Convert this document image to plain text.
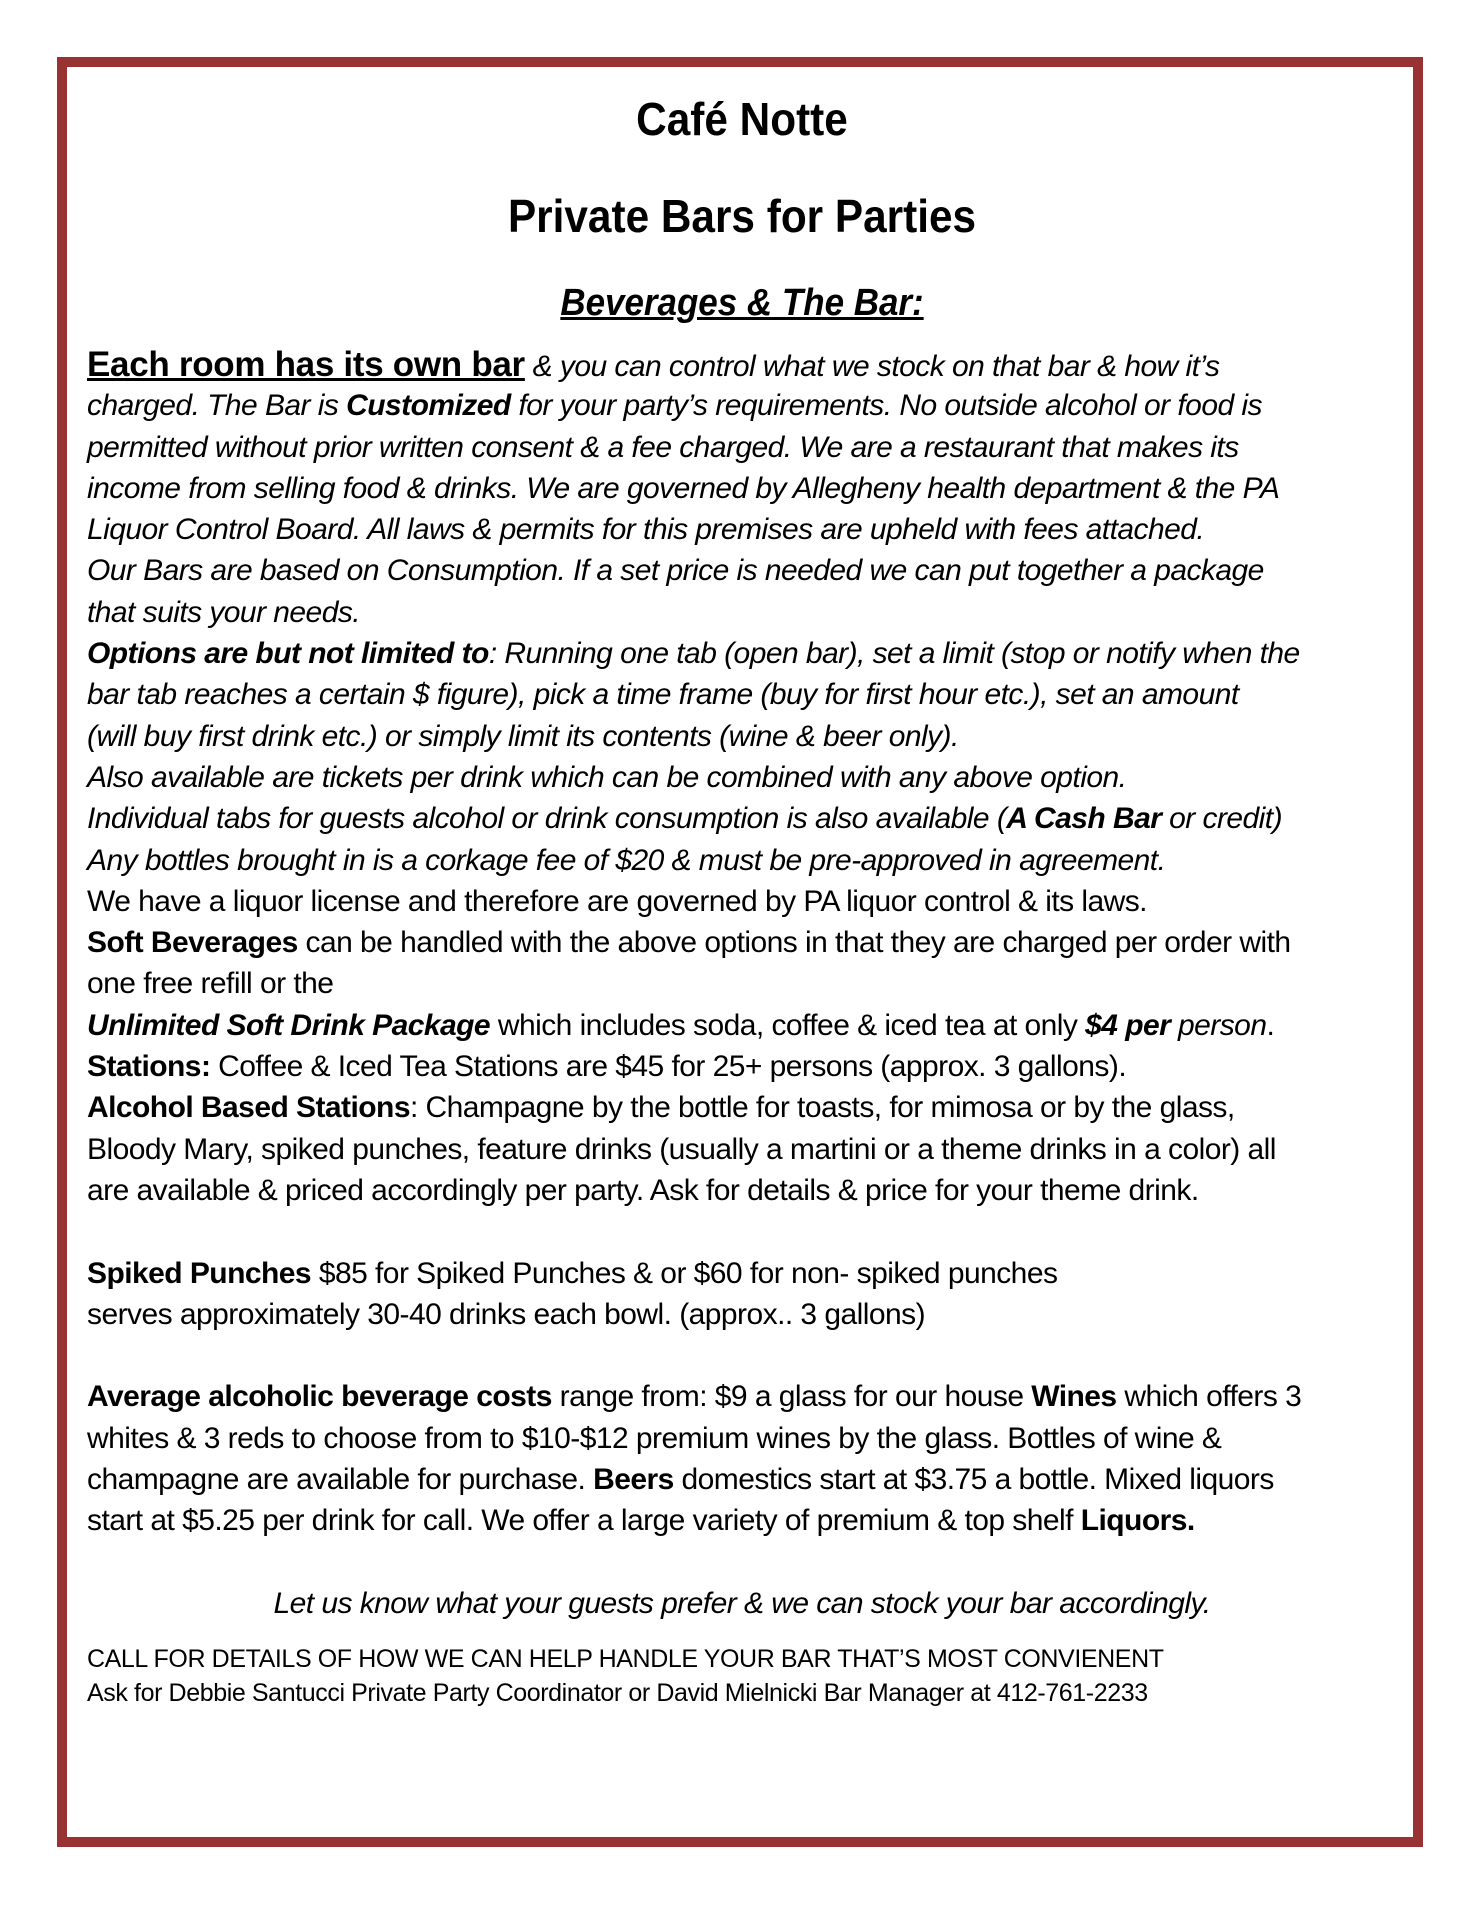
Café Notte
Private Bars for Parties
Beverages & The Bar:
Each room has its own bar & you can control what we stock on that bar & how it’s
charged. The Bar is Customized for your party’s requirements. No outside alcohol or food is
permitted without prior written consent & a fee charged. We are a restaurant that makes its
income from selling food & drinks. We are governed by Allegheny health department & the PA
Liquor Control Board. All laws & permits for this premises are upheld with fees attached.
Our Bars are based on Consumption. If a set price is needed we can put together a package
that suits your needs.
Options are but not limited to: Running one tab (open bar), set a limit (stop or notify when the
bar tab reaches a certain $ figure), pick a time frame (buy for first hour etc.), set an amount
(will buy first drink etc.) or simply limit its contents (wine & beer only).
Also available are tickets per drink which can be combined with any above option.
Individual tabs for guests alcohol or drink consumption is also available (A Cash Bar or credit)
Any bottles brought in is a corkage fee of $20 & must be pre-approved in agreement.
We have a liquor license and therefore are governed by PA liquor control & its laws.
Soft Beverages can be handled with the above options in that they are charged per order with
one free refill or the
Unlimited Soft Drink Package which includes soda, coffee & iced tea at only $4 per person.
Stations: Coffee & Iced Tea Stations are $45 for 25+ persons (approx. 3 gallons).
Alcohol Based Stations: Champagne by the bottle for toasts, for mimosa or by the glass,
Bloody Mary, spiked punches, feature drinks (usually a martini or a theme drinks in a color) all
are available & priced accordingly per party. Ask for details & price for your theme drink.
Spiked Punches $85 for Spiked Punches & or $60 for non- spiked punches
serves approximately 30-40 drinks each bowl. (approx.. 3 gallons)
Average alcoholic beverage costs range from: $9 a glass for our house Wines which offers 3
whites & 3 reds to choose from to $10-$12 premium wines by the glass. Bottles of wine &
champagne are available for purchase. Beers domestics start at $3.75 a bottle. Mixed liquors
start at $5.25 per drink for call. We offer a large variety of premium & top shelf Liquors.
Let us know what your guests prefer & we can stock your bar accordingly.
CALL FOR DETAILS OF HOW WE CAN HELP HANDLE YOUR BAR THAT’S MOST CONVIENENT
Ask for Debbie Santucci Private Party Coordinator or David Mielnicki Bar Manager at 412-761-2233
